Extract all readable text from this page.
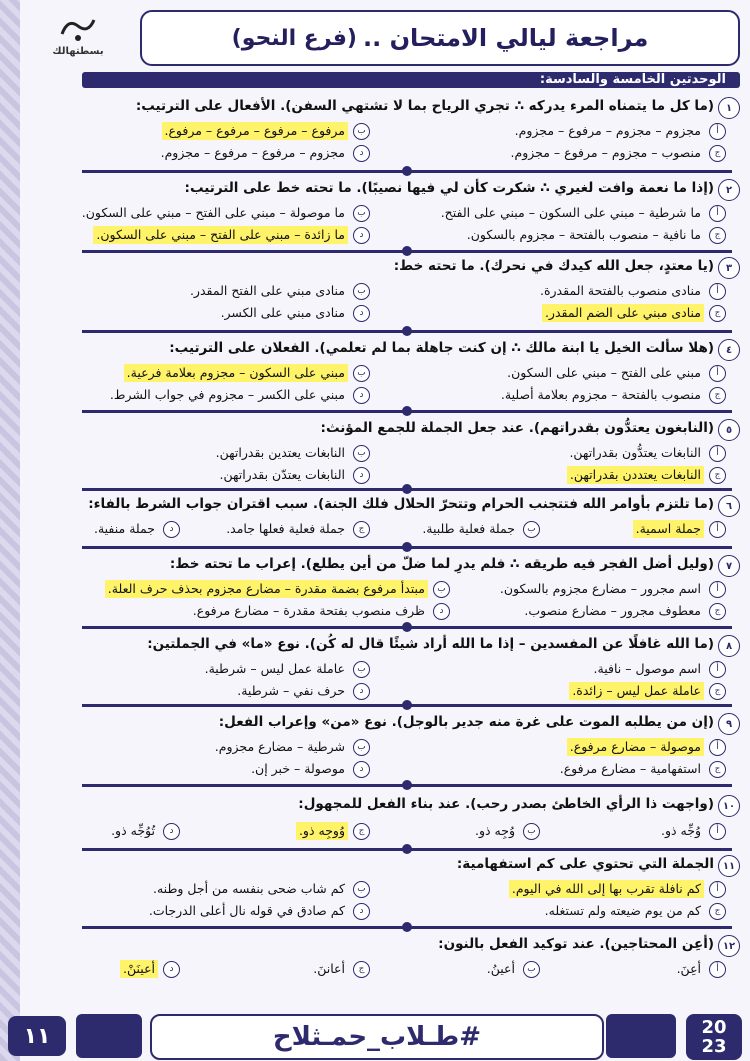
بسطتهالك	مراجعة ليالي الامتحان ..
(فرع النحو)
الوحدتين الخامسة والسادسة:
١
(ما كل ما يتمناه المرء يدركه ∴ تجري الرياح بما لا تشتهي السفن). الأفعال على الترتيب:
أ
مجزوم – مجزوم – مرفوع – مجزوم.
ب
مرفوع – مرفوع – مرفوع – مرفوع.
ج
منصوب – مجزوم – مرفوع – مجزوم.
د
مجزوم – مرفوع – مرفوع – مجزوم.
٢
(إذا ما نعمة وافت لغيري ∴ شكرت كأن لي فيها نصيبًا). ما تحته خط على الترتيب:
أ
ما شرطية – مبني على السكون – مبني على الفتح.
ب
ما موصولة – مبني على الفتح – مبني على السكون.
ج
ما نافية – منصوب بالفتحة – مجزوم بالسكون.
د
ما زائدة – مبني على الفتح – مبني على السكون.
٣
(يا معتدٍ، جعل الله كيدك في نحرك). ما تحته خط:
أ
منادى منصوب بالفتحة المقدرة.
ب
منادى مبني على الفتح المقدر.
ج
منادى مبني على الضم المقدر.
د
منادى مبني على الكسر.
٤
(هلا سألت الخيل يا ابنة مالك ∴ إن كنت جاهلة بما لم تعلمي). الفعلان على الترتيب:
أ
مبني على الفتح – مبني على السكون.
ب
مبني على السكون – مجزوم بعلامة فرعية.
ج
منصوب بالفتحة – مجزوم بعلامة أصلية.
د
مبني على الكسر – مجزوم في جواب الشرط.
٥
(النابغون يعتدُّون بقدراتهم). عند جعل الجملة للجمع المؤنث:
أ
النابغات يعتدُّون بقدراتهن.
ب
النابغات يعتدين بقدراتهن.
ج
النابغات يعتددن بقدراتهن.
د
النابغات يعتدّن بقدراتهن.
٦
(ما تلتزم بأوامر الله فتتجنب الحرام وتتحرّ الحلال فلك الجنة). سبب اقتران جواب الشرط بالفاء:
أ
جملة اسمية.
ب
جملة فعلية طلبية.
ج
جملة فعلية فعلها جامد.
د
جملة منفية.
٧
(وليل أضل الفجر فيه طريقه ∴ فلم يدرِ لما ضلّ من أين يطلع). إعراب ما تحته خط:
أ
اسم مجرور – مضارع مجزوم بالسكون.
ب
مبتدأ مرفوع بضمة مقدرة – مضارع مجزوم بحذف حرف العلة.
ج
معطوف مجرور – مضارع منصوب.
د
ظرف منصوب بفتحة مقدرة – مضارع مرفوع.
٨
(ما الله غافلًا عن المفسدين – إذا ما الله أراد شيئًا قال له كُن). نوع «ما» في الجملتين:
أ
اسم موصول – نافية.
ب
عاملة عمل ليس – شرطية.
ج
عاملة عمل ليس – زائدة.
د
حرف نفي – شرطية.
٩
(إن من يطلبه الموت على غرة منه جدير بالوجل). نوع «من» وإعراب الفعل:
أ
موصولة – مضارع مرفوع.
ب
شرطية – مضارع مجزوم.
ج
استفهامية – مضارع مرفوع.
د
موصولة – خبر إن.
١٠
(واجهت ذا الرأي الخاطئ بصدر رحب). عند بناء الفعل للمجهول:
أ
وُجِّه ذو.
ب
وُجِه ذو.
ج
وُوجِه ذو.
د
تُوُجِّه ذو.
١١
الجملة التي تحتوي على كم استفهامية:
أ
كم نافلة تقرب بها إلى الله في اليوم.
ب
كم شاب ضحى بنفسه من أجل وطنه.
ج
كم من يوم ضيعته ولم تستغله.
د
كم صادق في قوله نال أعلى الدرجات.
١٢
(أعِن المحتاجين). عند توكيد الفعل بالنون:
أ
أعِنَ.
ب
أعينُ.
ج
أعاننَ.
د
أعينَنْ.
١١	#طـلاب_حمـثلاح	20
23
